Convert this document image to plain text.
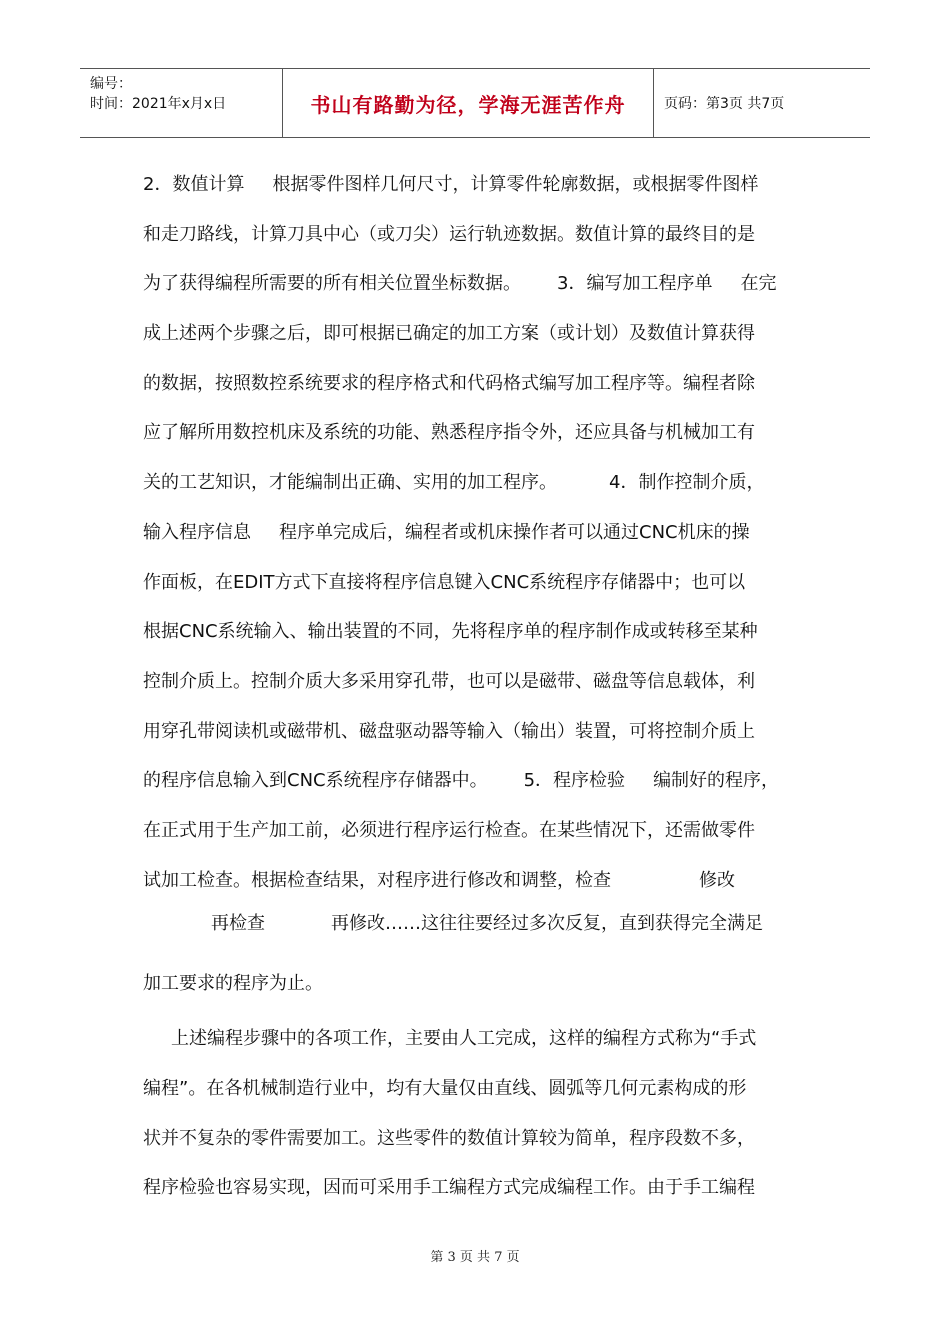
编号：
时间：2021年x月x日	书山有路勤为径，学海无涯苦作舟	页码：第3页 共7页
2．数值计算 根据零件图样几何尺寸，计算零件轮廓数据，或根据零件图样
和走刀路线，计算刀具中心（或刀尖）运行轨迹数据。数值计算的最终目的是
为了获得编程所需要的所有相关位置坐标数据。 3．编写加工程序单 在完
成上述两个步骤之后，即可根据已确定的加工方案（或计划）及数值计算获得
的数据，按照数控系统要求的程序格式和代码格式编写加工程序等。编程者除
应了解所用数控机床及系统的功能、熟悉程序指令外，还应具备与机械加工有
关的工艺知识，才能编制出正确、实用的加工程序。	4．制作控制介质，
输入程序信息 程序单完成后，编程者或机床操作者可以通过CNC机床的操
作面板，在EDIT方式下直接将程序信息键入CNC系统程序存储器中；也可以
根据CNC系统输入、输出装置的不同，先将程序单的程序制作成或转移至某种
控制介质上。控制介质大多采用穿孔带，也可以是磁带、磁盘等信息载体，利
用穿孔带阅读机或磁带机、磁盘驱动器等输入（输出）装置，可将控制介质上
的程序信息输入到CNC系统程序存储器中。 5．程序检验 编制好的程序，
在正式用于生产加工前，必须进行程序运行检查。在某些情况下，还需做零件
试加工检查。根据检查结果，对程序进行修改和调整，检查	修改
再检查	再修改……这往往要经过多次反复，直到获得完全满足
加工要求的程序为止。
上述编程步骤中的各项工作，主要由人工完成，这样的编程方式称为“手式
编程”。在各机械制造行业中，均有大量仅由直线、圆弧等几何元素构成的形
状并不复杂的零件需要加工。这些零件的数值计算较为简单，程序段数不多，
程序检验也容易实现，因而可采用手工编程方式完成编程工作。由于手工编程
第 3 页 共 7 页
